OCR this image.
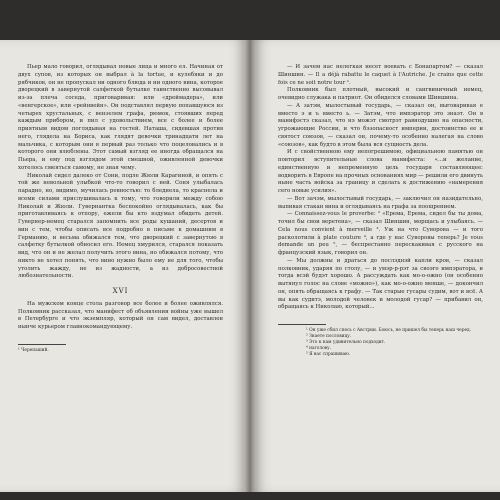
Пьер мало говорил, оглядывал новые лица и много ел. Начиная от двух супов, из которых он выбрал à la tortue, и кулебяки и до рябчиков, он не пропускал ни одного блюда и ни одного вина, которое дворецкий в завернутой салфеткой бутылке таинственно высовывал из-за плеча соседа, приговаривая: или «дреймадера», или «венгерское», или «рейнвейн». Он подставлял первую попавшуюся из четырех хрустальных, с вензелем графа, рюмок, стоявших перед каждым прибором, и пил с удовольствием, все с более и более приятным видом поглядывая на гостей. Наташа, сидевшая против него, глядела на Бориса, как глядят девочки тринадцати лет на мальчика, с которым они в первый раз только что поцеловались и в которого они влюблены. Этот самый взгляд ее иногда обращался на Пьера, и ему под взглядом этой смешной, оживленной девочки хотелось смеяться самому, не зная чему.

Николай сидел далеко от Сони, подле Жюли Карагиной, и опять с той же невольной улыбкой что-то говорил с ней. Соня улыбалась парадно, но, видимо, мучилась ревностью: то бледнела, то краснела и всеми силами прислушивалась к тому, что говорили между собою Николай и Жюли. Гувернантка беспокойно оглядывалась, как бы приготавливаясь к отпору, ежели бы кто вздумал обидеть детей. Гувернер-немец старался запомнить все роды кушаний, десертов и вин с тем, чтобы описать все подробно в письме к домашним в Германию, и весьма обижался тем, что дворецкий с завернутою в салфетку бутылкой обносил его. Немец хмурился, старался показать вид, что он и не желал получить этого вина, но обижался потому, что никто не хотел понять, что вино нужно было ему не для того, чтобы утолить жажду, не из жадности, а из добросовестной любознательности.

XVI

На мужском конце стола разговор все более и более оживлялся. Полковник рассказал, что манифест об объявлении войны уже вышел в Петербурге и что экземпляр, который он сам видел, доставлен нынче курьером главнокомандующему.

¹ Черепаший.

— И зачем нас нелегкая несет воевать с Бонапартом? — сказал Шиншин. — Il a déjà rabattu le caquet à l'Autriche. Je crains que cette fois ce ne soit notre tour ¹.

Полковник был плотный, высокий и сангвиничный немец, очевидно служака и патриот. Он обиделся словами Шиншина.

— А затэм, мылостывый государь, — сказал он, выговаривая е вместо э и ъ вместо ь. — Затэм, что импэратор это знаэт. Он в манифэстэ сказал, что нэ можэт смотрэт равнодушно на опасности, угрожающие России, и что бэзопасност империи, достоинство ее и святост союзов, — сказал он, почему-то особенно налегая на слово «союзов», как будто в этом была вся сущность дела.

И с свойственною ему непогрешимою, официальною памятью он повторил вступительные слова манифеста: «...и желание, единственную и непременную цель государя составляющее: водворить в Европе на прочных основаниях мир — решили его двинуть ныне часть войска за границу и сделать к достижению «намерения сего новые усилия».

— Вот зачэм, мылостывый государь, — заключил он назидательно, выпивая стакан вина и оглядываясь на графа за поощрением.

— Connaissez-vous le proverbe: ² «Ерема, Ерема, сидел бы ты дома, точил бы свои веретена», — сказал Шиншин, морщась и улыбаясь. — Cela nous convient à merveille ³. Уж на что Суворова — и того расколотили à plate couture ⁴, а где у нас Суворовы теперь? Je vous demande un peu ⁵, — беспрестанно перескакивая с русского на французский язык, говорил он.

— Мы должны и драться до послэднэй капли кров, — сказал полковник, ударяя по столу, — и умэр-р-рэт за своэго импэратора, и тогда всэй будэт хорошо. А рассуждать как мо-о-ожно (он особенно вытянул голос на слове «можно»), как мо-о-ожно менше, — докончил он, опять обращаясь к графу. — Так старые гусары судим, вот и всё. А вы как судитэ, молодой человек и молодой гусар? — прибавил он, обращаясь к Николаю, который...

¹ Он уже сбил спесь с Австрии. Боюсь, не пришел бы теперь наш черед.

² Знаете пословицу.

³ Это к нам удивительно подходит.

⁴ наголову.

⁵ Я вас спрашиваю.
